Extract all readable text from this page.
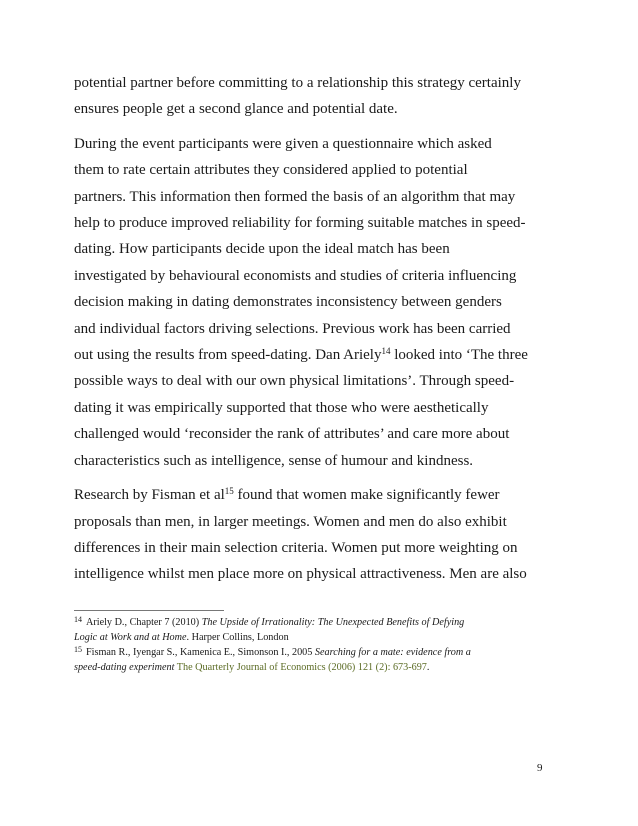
potential partner before committing to a relationship this strategy certainly
ensures people get a second glance and potential date.

During the event participants were given a questionnaire which asked
them to rate certain attributes they considered applied to potential
partners. This information then formed the basis of an algorithm that may
help to produce improved reliability for forming suitable matches in speed-
dating. How participants decide upon the ideal match has been
investigated by behavioural economists and studies of criteria influencing
decision making in dating demonstrates inconsistency between genders
and individual factors driving selections. Previous work has been carried
out using the results from speed-dating. Dan Ariely$^{14}$ looked into ‘The three
possible ways to deal with our own physical limitations’. Through speed-
dating it was empirically supported that those who were aesthetically
challenged would ‘reconsider the rank of attributes’ and care more about
characteristics such as intelligence, sense of humour and kindness.

Research by Fisman et al$^{15}$ found that women make significantly fewer
proposals than men, in larger meetings. Women and men do also exhibit
differences in their main selection criteria. Women put more weighting on
intelligence whilst men place more on physical attractiveness. Men are also

$^{14}$ Ariely D., Chapter 7 (2010) The Upside of Irrationality: The Unexpected Benefits of Defying
Logic at Work and at Home. Harper Collins, London
$^{15}$ Fisman R., Iyengar S., Kamenica E., Simonson I., 2005 Searching for a mate: evidence from a
speed-dating experiment The Quarterly Journal of Economics (2006) 121 (2): 673-697.
9
